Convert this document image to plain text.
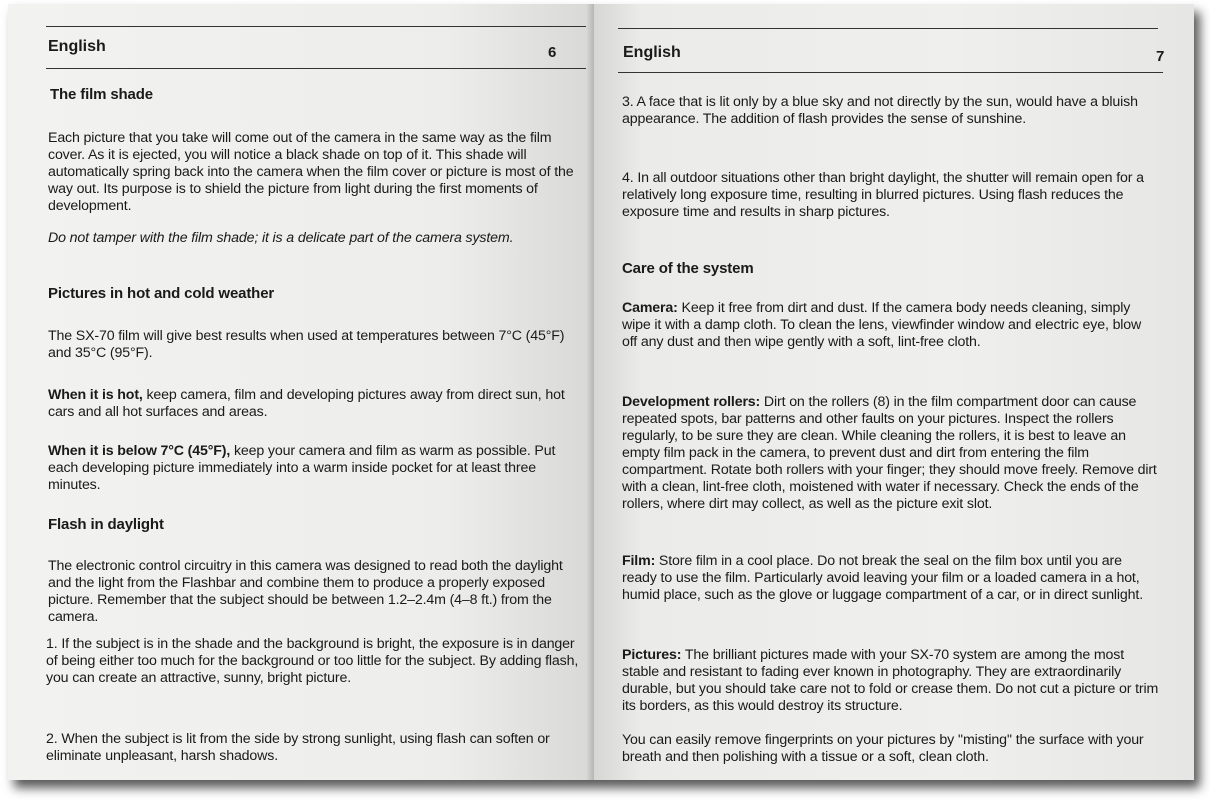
English	6
The film shade
Each picture that you take will come out of the camera in the same way as the film cover. As it is ejected, you will notice a black shade on top of it. This shade will automatically spring back into the camera when the film cover or picture is most of the way out. Its purpose is to shield the picture from light during the first moments of development.
Do not tamper with the film shade; it is a delicate part of the camera system.
Pictures in hot and cold weather
The SX-70 film will give best results when used at temperatures between 7°C (45°F) and 35°C (95°F).
When it is hot, keep camera, film and developing pictures away from direct sun, hot cars and all hot surfaces and areas.
When it is below 7°C (45°F), keep your camera and film as warm as possible. Put each developing picture immediately into a warm inside pocket for at least three minutes.
Flash in daylight
The electronic control circuitry in this camera was designed to read both the daylight and the light from the Flashbar and combine them to produce a properly exposed picture. Remember that the subject should be between 1.2–2.4m (4–8 ft.) from the camera.
1. If the subject is in the shade and the background is bright, the exposure is in danger of being either too much for the background or too little for the subject. By adding flash, you can create an attractive, sunny, bright picture.
2. When the subject is lit from the side by strong sunlight, using flash can soften or eliminate unpleasant, harsh shadows.
English	7
3. A face that is lit only by a blue sky and not directly by the sun, would have a bluish appearance. The addition of flash provides the sense of sunshine.
4. In all outdoor situations other than bright daylight, the shutter will remain open for a relatively long exposure time, resulting in blurred pictures. Using flash reduces the exposure time and results in sharp pictures.
Care of the system
Camera: Keep it free from dirt and dust. If the camera body needs cleaning, simply wipe it with a damp cloth. To clean the lens, viewfinder window and electric eye, blow off any dust and then wipe gently with a soft, lint-free cloth.
Development rollers: Dirt on the rollers (8) in the film compartment door can cause repeated spots, bar patterns and other faults on your pictures. Inspect the rollers regularly, to be sure they are clean. While cleaning the rollers, it is best to leave an empty film pack in the camera, to prevent dust and dirt from entering the film compartment. Rotate both rollers with your finger; they should move freely. Remove dirt with a clean, lint-free cloth, moistened with water if necessary. Check the ends of the rollers, where dirt may collect, as well as the picture exit slot.
Film: Store film in a cool place. Do not break the seal on the film box until you are ready to use the film. Particularly avoid leaving your film or a loaded camera in a hot, humid place, such as the glove or luggage compartment of a car, or in direct sunlight.
Pictures: The brilliant pictures made with your SX-70 system are among the most stable and resistant to fading ever known in photography. They are extraordinarily durable, but you should take care not to fold or crease them. Do not cut a picture or trim its borders, as this would destroy its structure.
You can easily remove fingerprints on your pictures by ''misting'' the surface with your breath and then polishing with a tissue or a soft, clean cloth.
